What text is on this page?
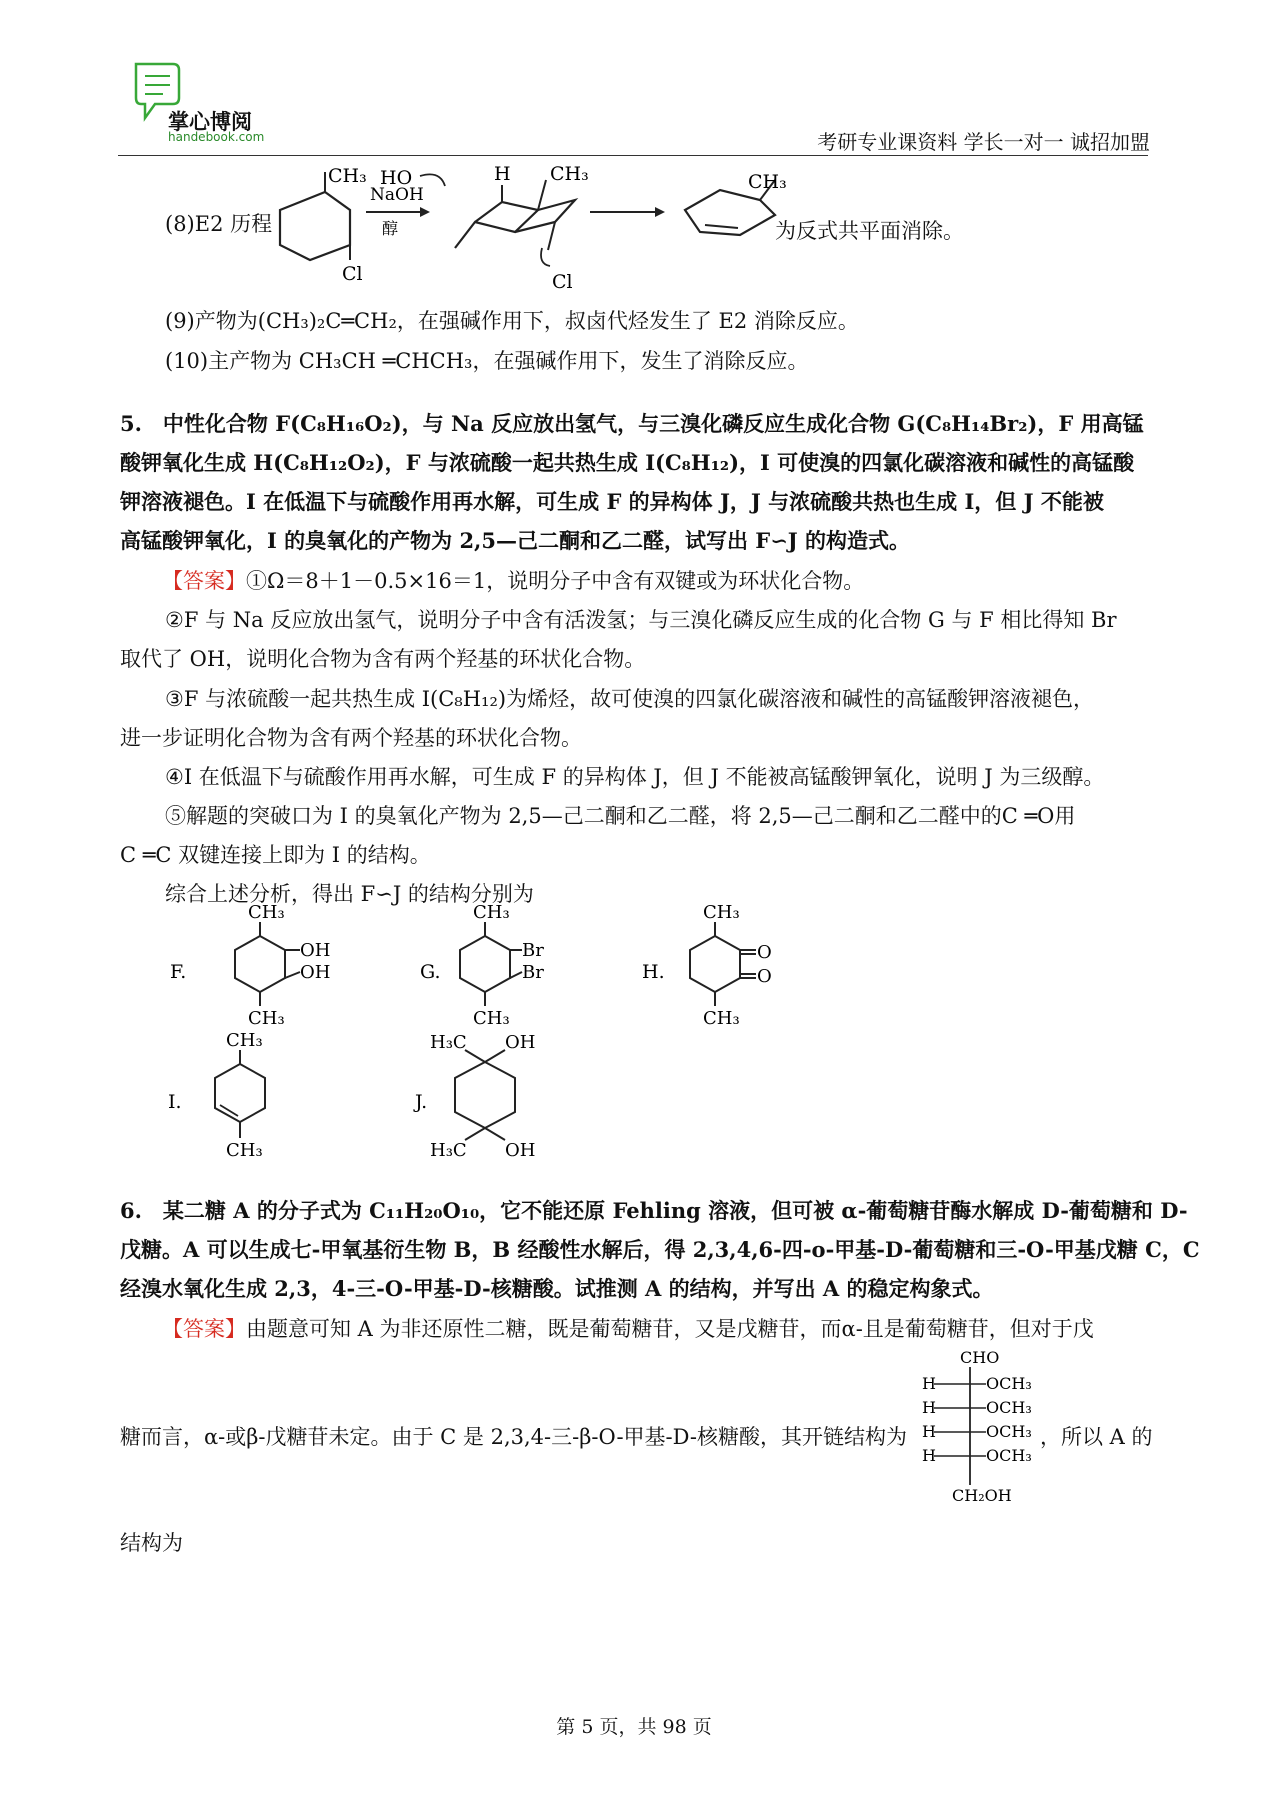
掌心博阅
handebook.com	考研专业课资料 学长一对一 诚招加盟
(8)E2 历程
CH₃
Cl
NaOH
醇
HO	H CH₃
Cl
CH₃
为反式共平面消除。
(9)产物为(CH₃)₂C═CH₂，在强碱作用下，叔卤代烃发生了 E2 消除反应。
(10)主产物为 CH₃CH ═CHCH₃，在强碱作用下，发生了消除反应。
5.　中性化合物 F(C₈H₁₆O₂)，与 Na 反应放出氢气，与三溴化磷反应生成化合物 G(C₈H₁₄Br₂)，F 用高锰
酸钾氧化生成 H(C₈H₁₂O₂)，F 与浓硫酸一起共热生成 I(C₈H₁₂)，I 可使溴的四氯化碳溶液和碱性的高锰酸
钾溶液褪色。I 在低温下与硫酸作用再水解，可生成 F 的异构体 J，J 与浓硫酸共热也生成 I，但 J 不能被
高锰酸钾氧化，I 的臭氧化的产物为 2,5—己二酮和乙二醛，试写出 F∽J 的构造式。
【答案】①Ω＝8＋1－0.5×16＝1，说明分子中含有双键或为环状化合物。
②F 与 Na 反应放出氢气，说明分子中含有活泼氢；与三溴化磷反应生成的化合物 G 与 F 相比得知 Br
取代了 OH，说明化合物为含有两个羟基的环状化合物。
③F 与浓硫酸一起共热生成 I(C₈H₁₂)为烯烃，故可使溴的四氯化碳溶液和碱性的高锰酸钾溶液褪色，
进一步证明化合物为含有两个羟基的环状化合物。
④I 在低温下与硫酸作用再水解，可生成 F 的异构体 J，但 J 不能被高锰酸钾氧化，说明 J 为三级醇。
⑤解题的突破口为 I 的臭氧化产物为 2,5—己二酮和乙二醛，将 2,5—己二酮和乙二醛中的C ═O用
C ═C 双键连接上即为 I 的结构。
综合上述分析，得出 F∽J 的结构分别为
F.
CH₃
OH
OH
CH₃
G.
CH₃
Br
Br
CH₃
H.
CH₃
O
O
CH₃
I.
CH₃
CH₃
J.
H₃C OH
H₃C OH
6.　某二糖 A 的分子式为 C₁₁H₂₀O₁₀，它不能还原 Fehling 溶液，但可被 α-葡萄糖苷酶水解成 D-葡萄糖和 D-
戊糖。A 可以生成七-甲氧基衍生物 B，B 经酸性水解后，得 2,3,4,6-四-o-甲基-D-葡萄糖和三-O-甲基戊糖 C，C
经溴水氧化生成 2,3，4-三-O-甲基-D-核糖酸。试推测 A 的结构，并写出 A 的稳定构象式。
【答案】由题意可知 A 为非还原性二糖，既是葡萄糖苷，又是戊糖苷，而α-且是葡萄糖苷，但对于戊
CHO
H
H
H
H
OCH₃
OCH₃
OCH₃
OCH₃
CH₂OH
糖而言，α-或β-戊糖苷未定。由于 C 是 2,3,4-三-β-O-甲基-D-核糖酸，其开链结构为	，所以 A 的
结构为
第 5 页，共 98 页
